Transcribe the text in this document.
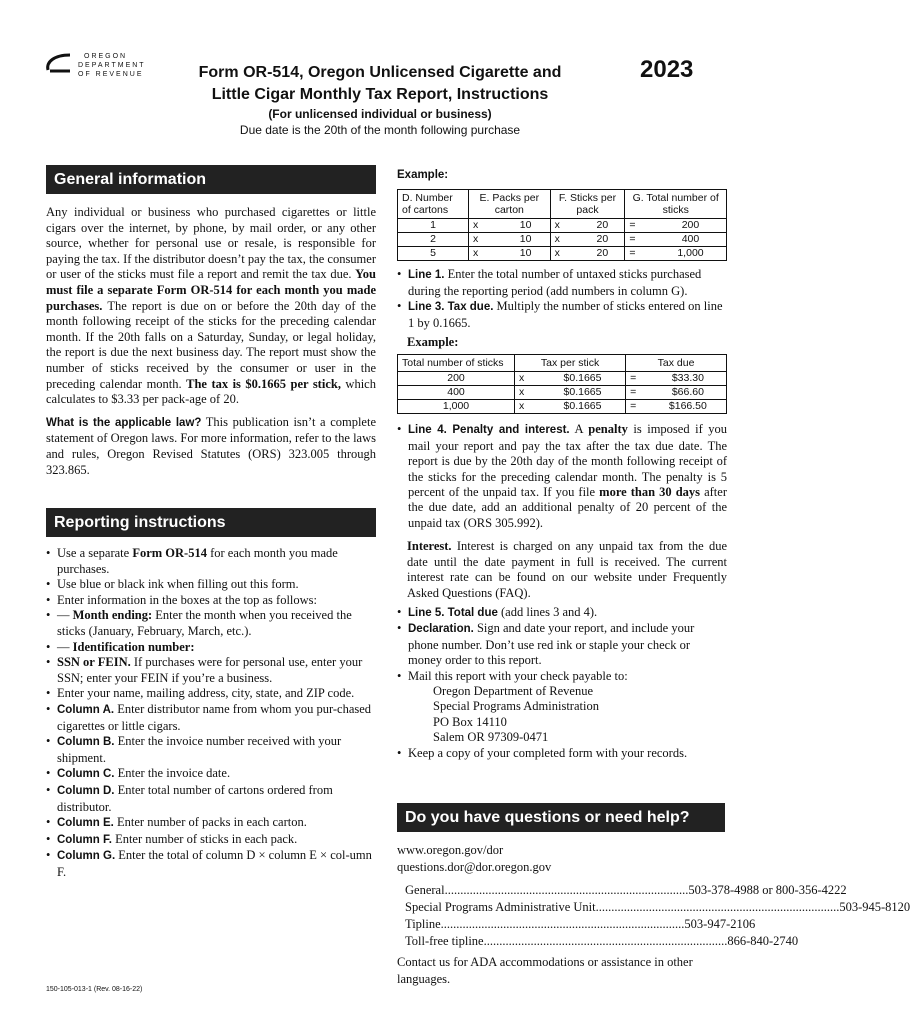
OREGON
DEPARTMENT
OF REVENUE	Form OR-514, Oregon Unlicensed Cigarette and
Little Cigar Monthly Tax Report, Instructions
2023
(For unlicensed individual or business)
Due date is the 20th of the month following purchase
General information

Any individual or business who purchased cigarettes or little cigars over the internet, by phone, by mail order, or any other source, whether for personal use or resale, is responsible for paying the tax. If the distributor doesn’t pay the tax, the consumer or user of the sticks must file a report and remit the tax due. You must file a separate Form OR-514 for each month you made purchases. The report is due on or before the 20th day of the month following receipt of the sticks for the preceding calendar month. If the 20th falls on a Saturday, Sunday, or legal holiday, the report is due the next business day. The report must show the number of sticks received by the consumer or user in the preceding calendar month. The tax is $0.1665 per stick, which calculates to $3.33 per pack-age of 20.

What is the applicable law? This publication isn’t a complete statement of Oregon laws. For more information, refer to the laws and rules, Oregon Revised Statutes (ORS) 323.005 through 323.865.

Reporting instructions
• Use a separate Form OR-514 for each month you made purchases.
• Use blue or black ink when filling out this form.
• Enter information in the boxes at the top as follows:
• — Month ending: Enter the month when you received the sticks (January, February, March, etc.).
• — Identification number:
• SSN or FEIN. If purchases were for personal use, enter your SSN; enter your FEIN if you’re a business.
• Enter your name, mailing address, city, state, and ZIP code.
• Column A. Enter distributor name from whom you pur-chased cigarettes or little cigars.
• Column B. Enter the invoice number received with your shipment.
• Column C. Enter the invoice date.
• Column D. Enter total number of cartons ordered from distributor.
• Column E. Enter number of packs in each carton.
• Column F. Enter number of sticks in each pack.
• Column G. Enter the total of column D × column E × col-umn F.
Example:
D. Number of cartons	E. Packs per carton		F. Sticks per pack		G. Total number of sticks	
1	x	10	x	20	=	200
2	x	10	x	20	=	400
5	x	10	x	20	=	1,000
• Line 1. Enter the total number of untaxed sticks purchased during the reporting period (add numbers in column G).
• Line 3. Tax due. Multiply the number of sticks entered on line 1 by 0.1665.
Example:
Total number of sticks	Tax per stick		Tax due	
200	x	$0.1665	=	$33.30
400	x	$0.1665	=	$66.60
1,000	x	$0.1665	=	$166.50
• Line 4. Penalty and interest. A penalty is imposed if you mail your report and pay the tax after the tax due date. The report is due by the 20th day of the month following receipt of the sticks for the preceding calendar month. The penalty is 5 percent of the unpaid tax. If you file more than 30 days after the due date, add an additional penalty of 20 percent of the unpaid tax (ORS 305.992).

Interest. Interest is charged on any unpaid tax from the due date until the date payment in full is received. The current interest rate can be found on our website under Frequently Asked Questions (FAQ).

• Line 5. Total due (add lines 3 and 4).
• Declaration. Sign and date your report, and include your phone number. Don’t use red ink or staple your check or money order to this report.
• Mail this report with your check payable to:
Oregon Department of Revenue
Special Programs Administration
PO Box 14110
Salem OR 97309-0471
• Keep a copy of your completed form with your records.
Do you have questions or need help?
www.oregon.gov/dor
questions.dor@dor.oregon.gov
General .............................................................................. 503-378-4988 or 800-356-4222
Special Programs Administrative Unit .............................................................................. 503-945-8120
Tipline .............................................................................. 503-947-2106
Toll-free tipline .............................................................................. 866-840-2740
Contact us for ADA accommodations or assistance in other languages.
150-105-013-1 (Rev. 08-16-22)
